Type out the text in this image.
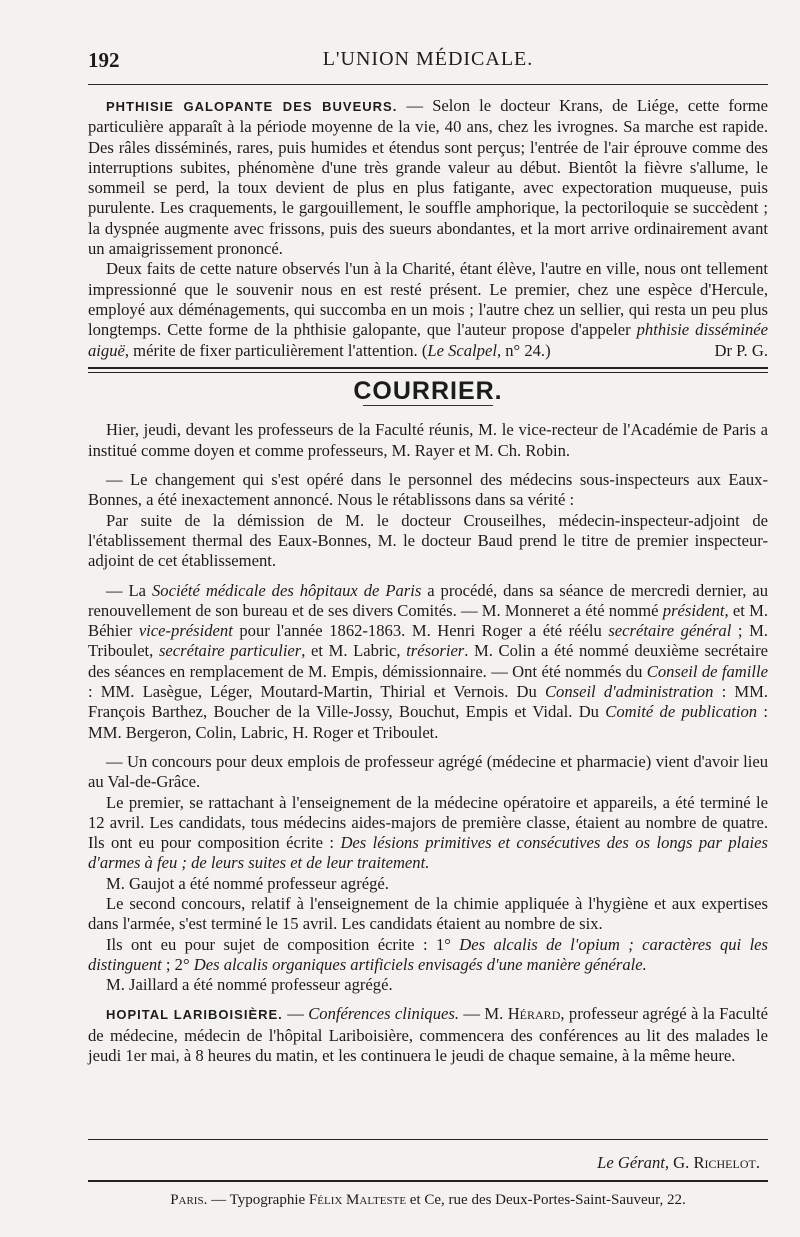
192	L'UNION MÉDICALE.

PHTHISIE GALOPANTE DES BUVEURS. — Selon le docteur Krans, de Liége, cette forme particulière apparaît à la période moyenne de la vie, 40 ans, chez les ivrognes. Sa marche est rapide. Des râles disséminés, rares, puis humides et étendus sont perçus; l'entrée de l'air éprouve comme des interruptions subites, phénomène d'une très grande valeur au début. Bientôt la fièvre s'allume, le sommeil se perd, la toux devient de plus en plus fatigante, avec expectoration muqueuse, puis purulente. Les craquements, le gargouillement, le souffle amphorique, la pectoriloquie se succèdent ; la dyspnée augmente avec frissons, puis des sueurs abondantes, et la mort arrive ordinairement avant un amaigrissement prononcé.

Deux faits de cette nature observés l'un à la Charité, étant élève, l'autre en ville, nous ont tellement impressionné que le souvenir nous en est resté présent. Le premier, chez une espèce d'Hercule, employé aux déménagements, qui succomba en un mois ; l'autre chez un sellier, qui resta un peu plus longtemps. Cette forme de la phthisie galopante, que l'auteur propose d'appeler phthisie disséminée aiguë, mérite de fixer particulièrement l'attention. (Le Scalpel, n° 24.)	Dr P. G.
COURRIER.

Hier, jeudi, devant les professeurs de la Faculté réunis, M. le vice-recteur de l'Académie de Paris a institué comme doyen et comme professeurs, M. Rayer et M. Ch. Robin.

— Le changement qui s'est opéré dans le personnel des médecins sous-inspecteurs aux Eaux-Bonnes, a été inexactement annoncé. Nous le rétablissons dans sa vérité :

Par suite de la démission de M. le docteur Crouseilhes, médecin-inspecteur-adjoint de l'établissement thermal des Eaux-Bonnes, M. le docteur Baud prend le titre de premier inspecteur-adjoint de cet établissement.

— La Société médicale des hôpitaux de Paris a procédé, dans sa séance de mercredi dernier, au renouvellement de son bureau et de ses divers Comités. — M. Monneret a été nommé président, et M. Béhier vice-président pour l'année 1862-1863. M. Henri Roger a été réélu secrétaire général ; M. Triboulet, secrétaire particulier, et M. Labric, trésorier. M. Colin a été nommé deuxième secrétaire des séances en remplacement de M. Empis, démissionnaire. — Ont été nommés du Conseil de famille : MM. Lasègue, Léger, Moutard-Martin, Thirial et Vernois. Du Conseil d'administration : MM. François Barthez, Boucher de la Ville-Jossy, Bouchut, Empis et Vidal. Du Comité de publication : MM. Bergeron, Colin, Labric, H. Roger et Triboulet.

— Un concours pour deux emplois de professeur agrégé (médecine et pharmacie) vient d'avoir lieu au Val-de-Grâce.

Le premier, se rattachant à l'enseignement de la médecine opératoire et appareils, a été terminé le 12 avril. Les candidats, tous médecins aides-majors de première classe, étaient au nombre de quatre. Ils ont eu pour composition écrite : Des lésions primitives et consécutives des os longs par plaies d'armes à feu ; de leurs suites et de leur traitement.

M. Gaujot a été nommé professeur agrégé.

Le second concours, relatif à l'enseignement de la chimie appliquée à l'hygiène et aux expertises dans l'armée, s'est terminé le 15 avril. Les candidats étaient au nombre de six.

Ils ont eu pour sujet de composition écrite : 1° Des alcalis de l'opium ; caractères qui les distinguent ; 2° Des alcalis organiques artificiels envisagés d'une manière générale.

M. Jaillard a été nommé professeur agrégé.

HOPITAL LARIBOISIÈRE. — Conférences cliniques. — M. Hérard, professeur agrégé à la Faculté de médecine, médecin de l'hôpital Lariboisière, commencera des conférences au lit des malades le jeudi 1er mai, à 8 heures du matin, et les continuera le jeudi de chaque semaine, à la même heure.

Le Gérant, G. Richelot.
Paris. — Typographie Félix Malteste et Ce, rue des Deux-Portes-Saint-Sauveur, 22.
